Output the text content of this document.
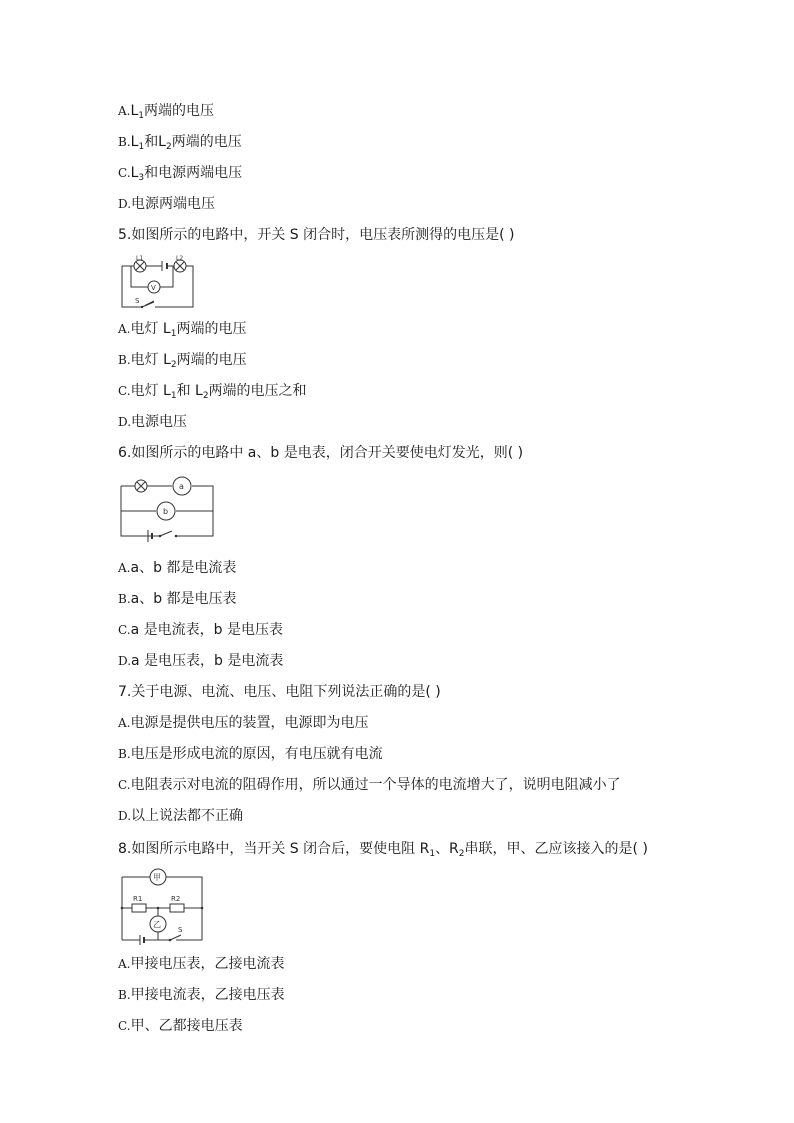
$A.L_1$两端的电压
$B.L_1$和$L_2$两端的电压
$C.L_3$和电源两端电压
D.电源两端电压
5.如图所示的电路中，开关 S 闭合时，电压表所测得的电压是( )
L1	L2
V
S
A.电灯 $L_1$两端的电压
B.电灯 $L_2$两端的电压
C.电灯 $L_1$和 $L_2$两端的电压之和
D.电源电压
6.如图所示的电路中 a、b 是电表，闭合开关要使电灯发光，则( )
a
b
A.a、b 都是电流表
B.a、b 都是电压表
C.a 是电流表，b 是电压表
D.a 是电压表，b 是电流表
7.关于电源、电流、电压、电阻下列说法正确的是( )
A.电源是提供电压的装置，电源即为电压
B.电压是形成电流的原因，有电压就有电流
C.电阻表示对电流的阻碍作用，所以通过一个导体的电流增大了，说明电阻减小了
D.以上说法都不正确
8.如图所示电路中，当开关 S 闭合后，要使电阻 $R_1$、$R_2$串联，甲、乙应该接入的是( )
甲
乙
R1	R2
S
A.甲接电压表，乙接电流表
B.甲接电流表，乙接电压表
C.甲、乙都接电压表
